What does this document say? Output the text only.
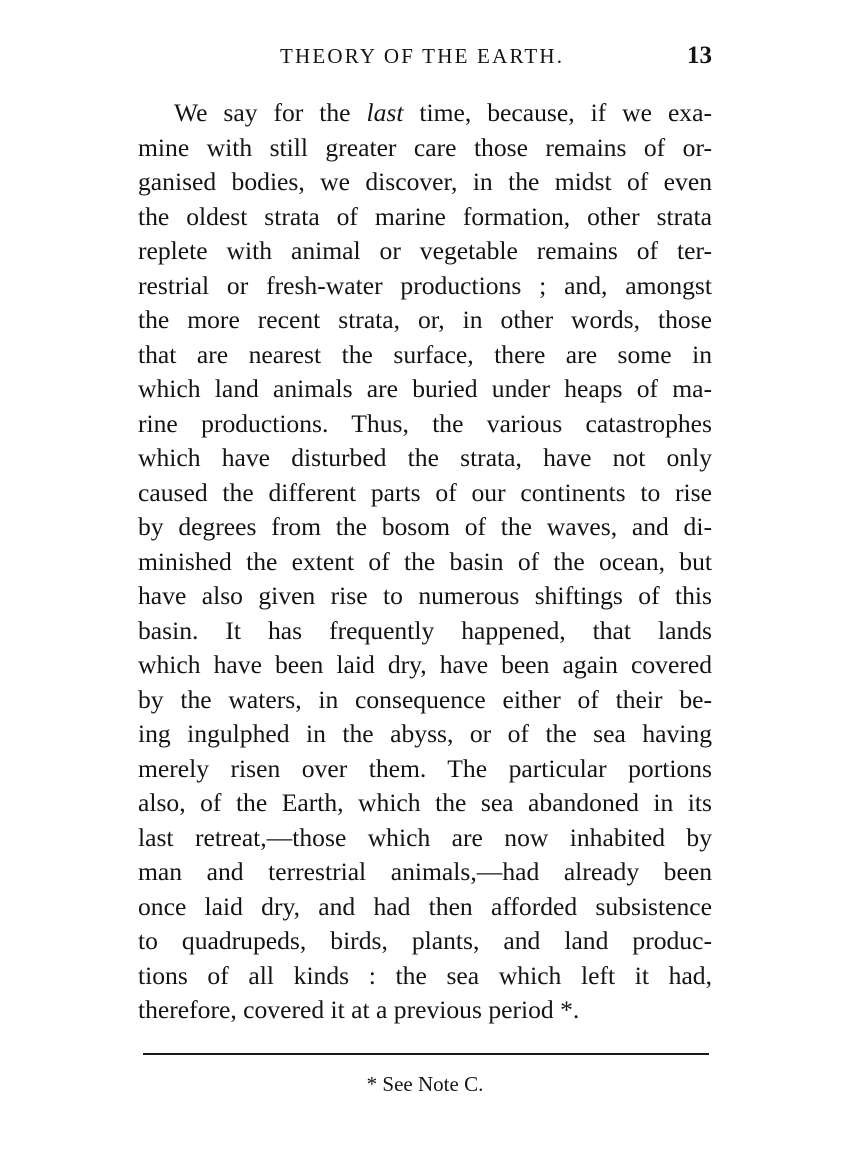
THEORY OF THE EARTH.	13
We say for the last time, because, if we exa-
mine with still greater care those remains of or-
ganised bodies, we discover, in the midst of even
the oldest strata of marine formation, other strata
replete with animal or vegetable remains of ter-
restrial or fresh-water productions ; and, amongst
the more recent strata, or, in other words, those
that are nearest the surface, there are some in
which land animals are buried under heaps of ma-
rine productions. Thus, the various catastrophes
which have disturbed the strata, have not only
caused the different parts of our continents to rise
by degrees from the bosom of the waves, and di-
minished the extent of the basin of the ocean, but
have also given rise to numerous shiftings of this
basin. It has frequently happened, that lands
which have been laid dry, have been again covered
by the waters, in consequence either of their be-
ing ingulphed in the abyss, or of the sea having
merely risen over them. The particular portions
also, of the Earth, which the sea abandoned in its
last retreat,—those which are now inhabited by
man and terrestrial animals,—had already been
once laid dry, and had then afforded subsistence
to quadrupeds, birds, plants, and land produc-
tions of all kinds : the sea which left it had,
therefore, covered it at a previous period *.
* See Note C.
